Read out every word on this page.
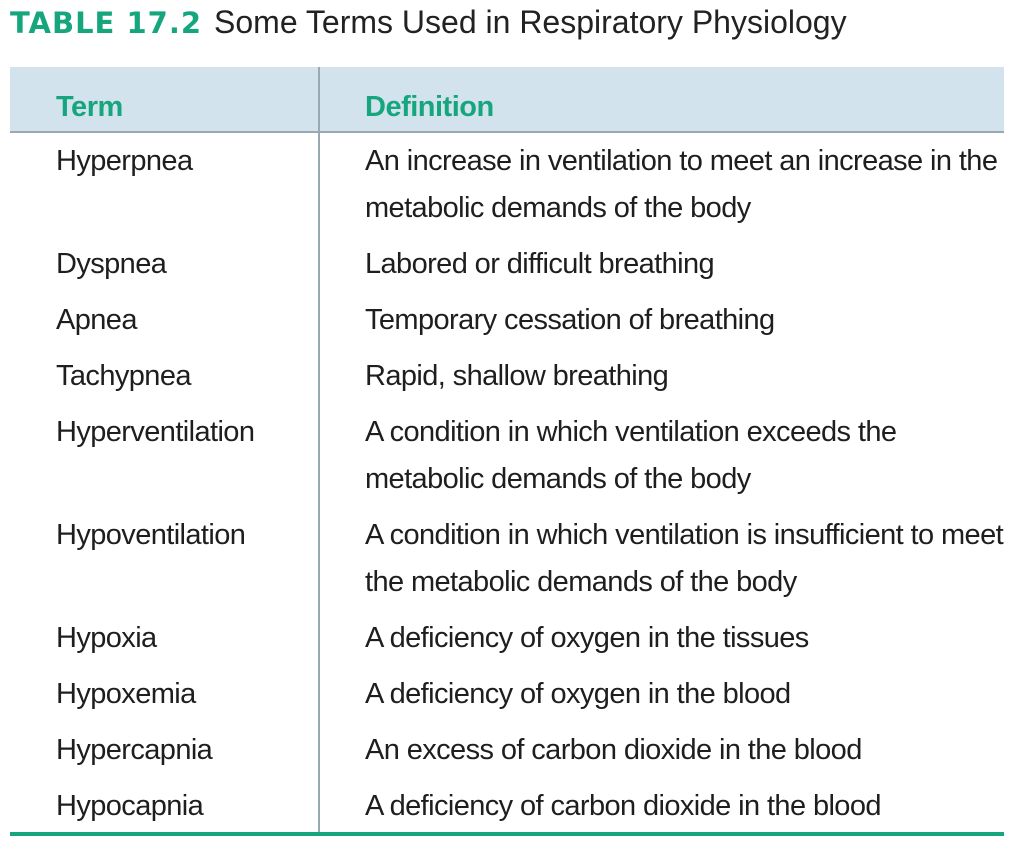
TABLE 17.2 Some Terms Used in Respiratory Physiology
Term	Definition
Hyperpnea	An increase in ventilation to meet an increase in the metabolic demands of the body
Dyspnea	Labored or difficult breathing
Apnea	Temporary cessation of breathing
Tachypnea	Rapid, shallow breathing
Hyperventilation	A condition in which ventilation exceeds the metabolic demands of the body
Hypoventilation	A condition in which ventilation is insufficient to meet the metabolic demands of the body
Hypoxia	A deficiency of oxygen in the tissues
Hypoxemia	A deficiency of oxygen in the blood
Hypercapnia	An excess of carbon dioxide in the blood
Hypocapnia	A deficiency of carbon dioxide in the blood
